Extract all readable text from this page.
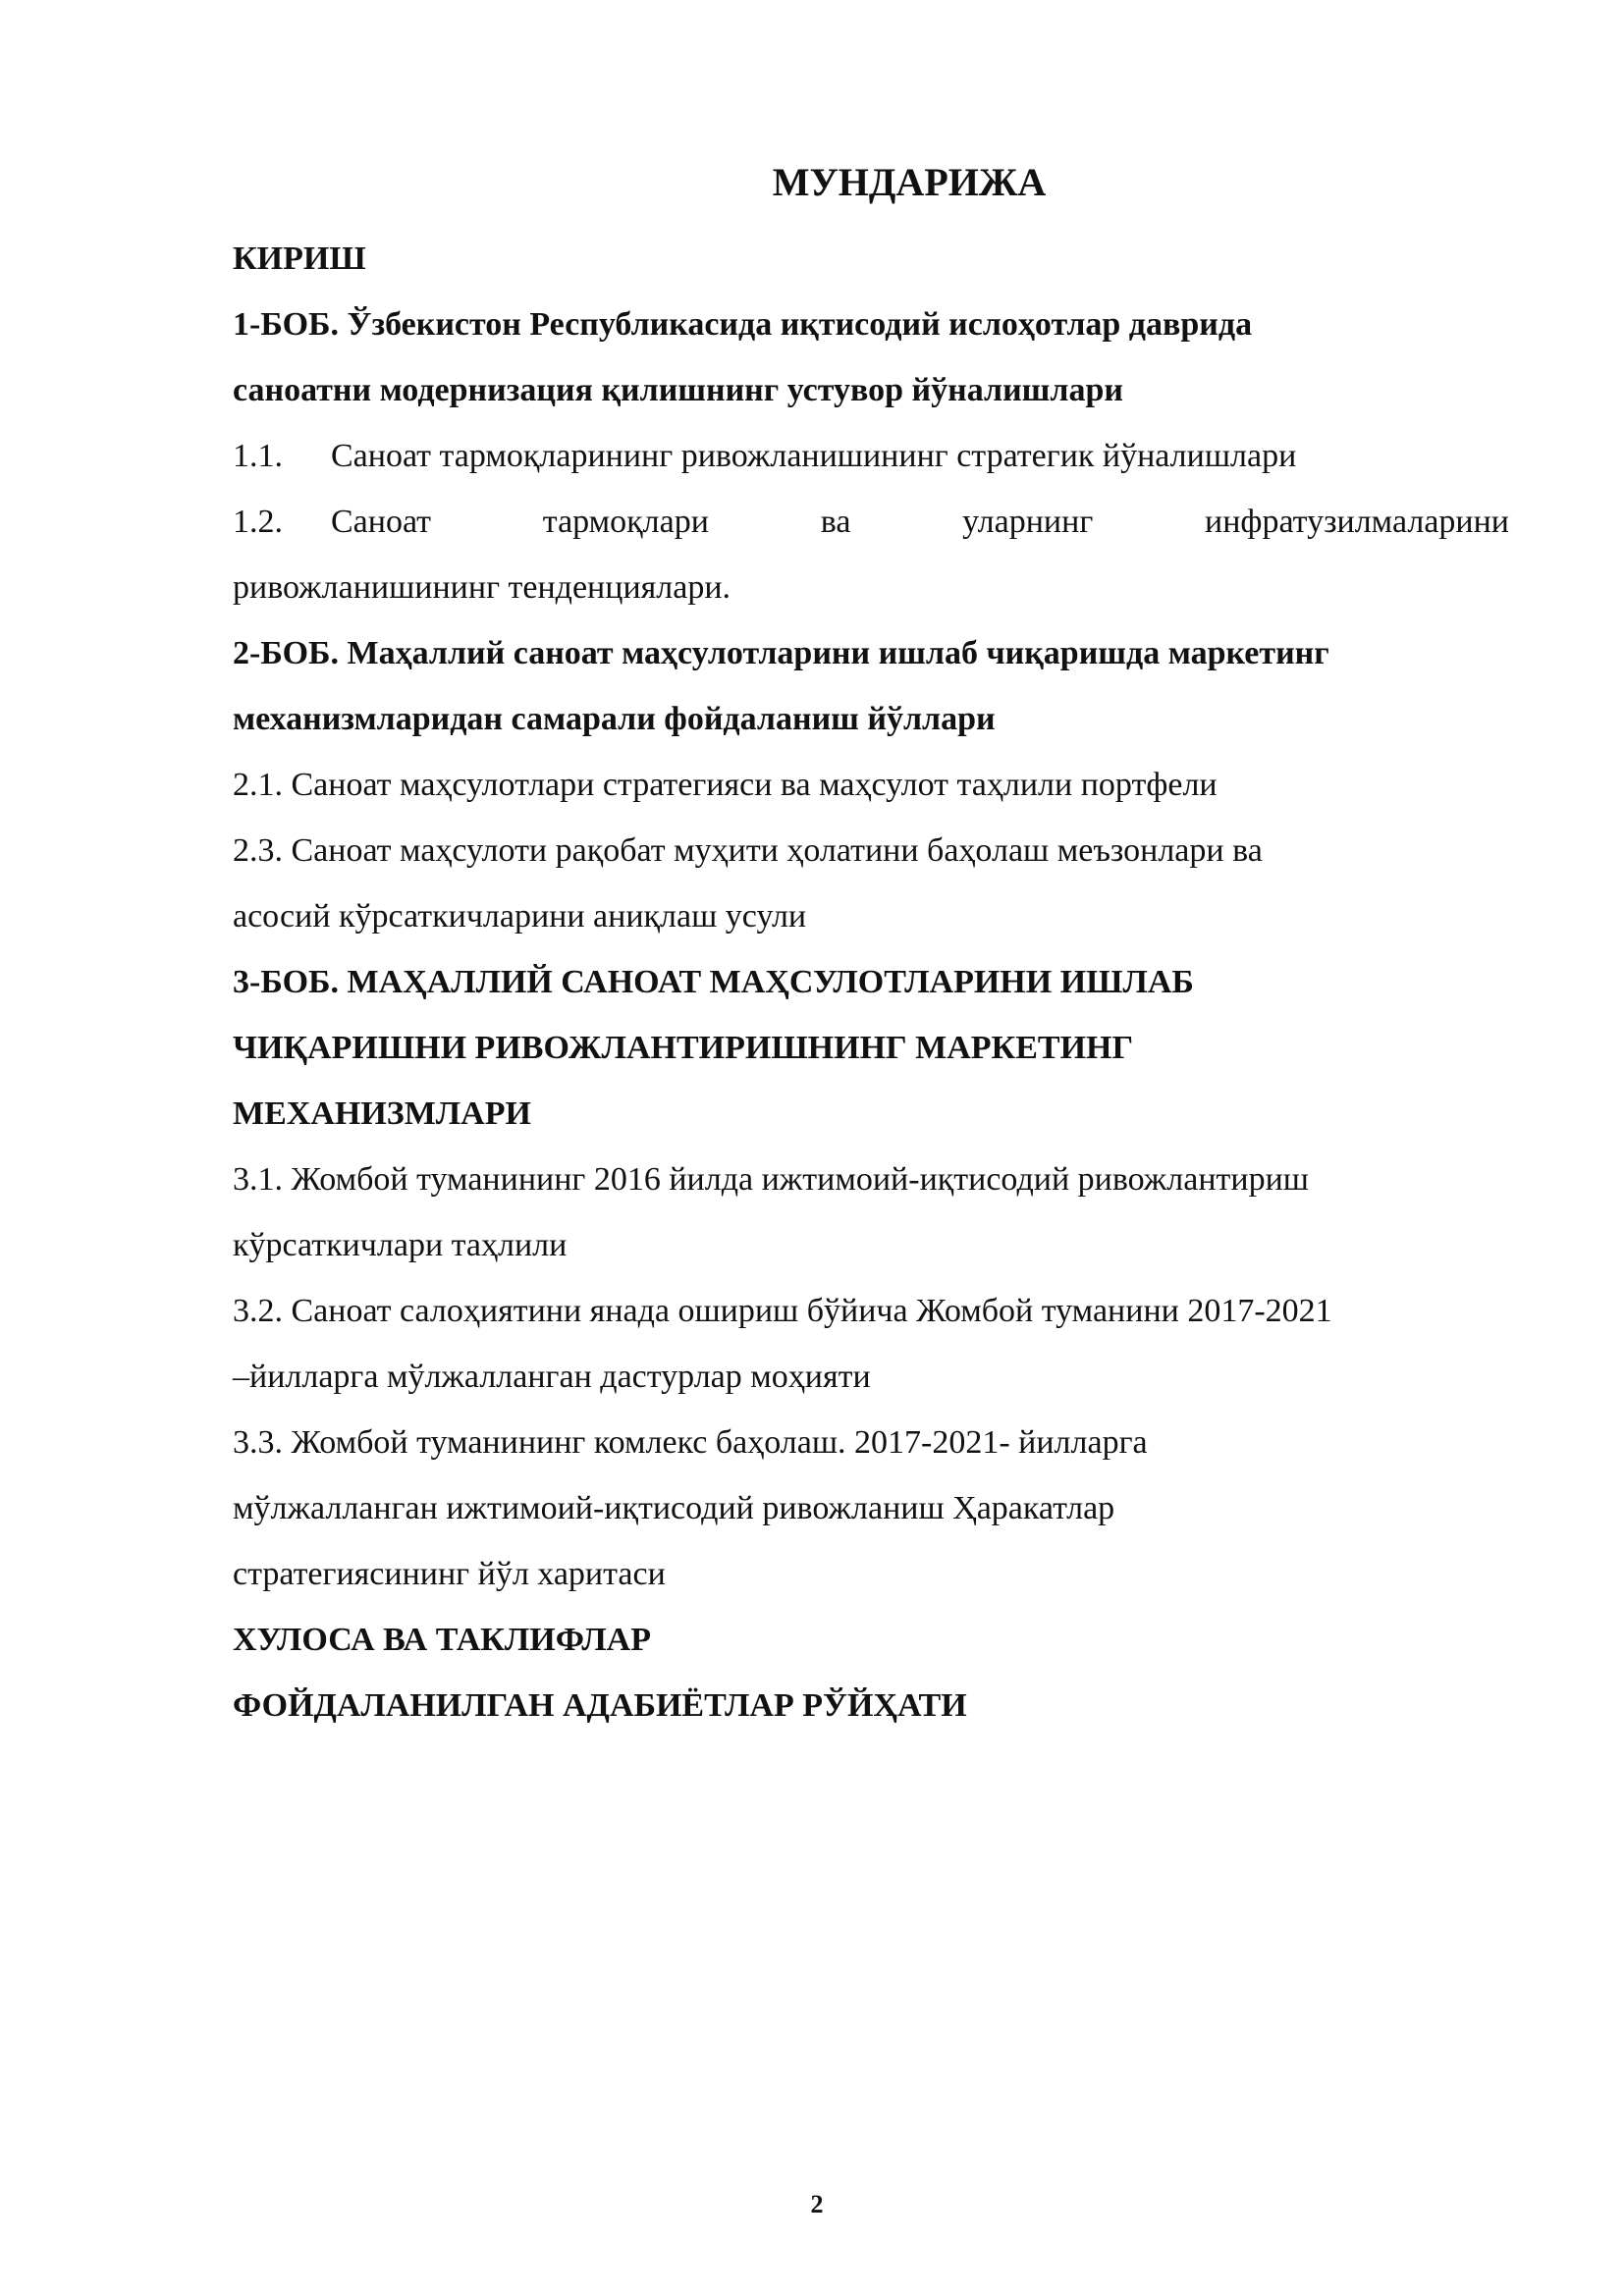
МУНДАРИЖА
КИРИШ
1-БОБ. Ўзбекистон Республикасида иқтисодий ислоҳотлар даврида
саноатни модернизация қилишнинг устувор йўналишлари
1.1.	Саноат тармоқларининг ривожланишининг стратегик йўналишлари
1.2.	Саноат тармоқлари ва уларнинг инфратузилмаларини
ривожланишининг тенденциялари.
2-БОБ. Маҳаллий саноат маҳсулотларини ишлаб чиқаришда маркетинг
механизмларидан самарали фойдаланиш йўллари
2.1. Саноат маҳсулотлари стратегияси ва маҳсулот таҳлили портфели
2.3. Саноат маҳсулоти рақобат муҳити ҳолатини баҳолаш меъзонлари ва
асосий кўрсаткичларини аниқлаш усули
3-БОБ. МАҲАЛЛИЙ САНОАТ МАҲСУЛОТЛАРИНИ ИШЛАБ
ЧИҚАРИШНИ РИВОЖЛАНТИРИШНИНГ МАРКЕТИНГ
МЕХАНИЗМЛАРИ
3.1. Жомбой туманининг 2016 йилда ижтимоий-иқтисодий ривожлантириш
кўрсаткичлари таҳлили
3.2. Саноат салоҳиятини янада ошириш бўйича Жомбой туманини 2017-2021
–йилларга мўлжалланган дастурлар моҳияти
3.3. Жомбой туманининг комлекс баҳолаш. 2017-2021- йилларга
мўлжалланган ижтимоий-иқтисодий ривожланиш Ҳаракатлар
стратегиясининг йўл харитаси
ХУЛОСА ВА ТАКЛИФЛАР
ФОЙДАЛАНИЛГАН АДАБИЁТЛАР РЎЙҲАТИ
2
